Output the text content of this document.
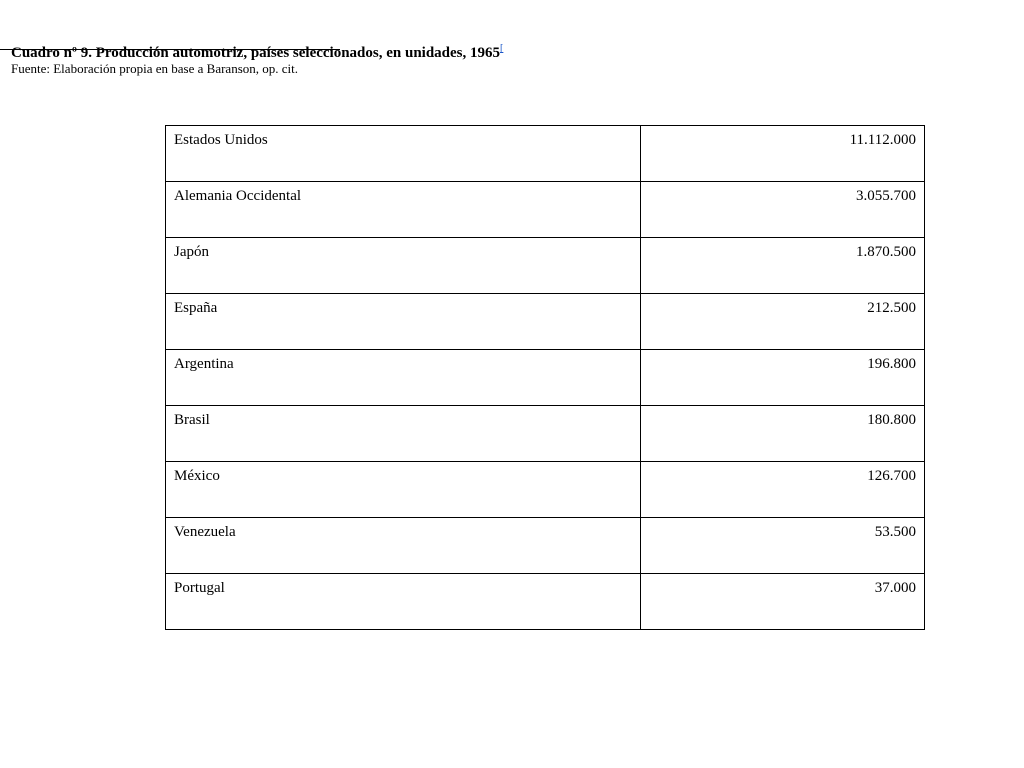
Cuadro nº 9. Producción automotriz, países seleccionados, en unidades, 1965[
Fuente: Elaboración propia en base a Baranson, op. cit.
Estados Unidos	11.112.000
Alemania Occidental	3.055.700
Japón	1.870.500
España	212.500
Argentina	196.800
Brasil	180.800
México	126.700
Venezuela	53.500
Portugal	37.000
